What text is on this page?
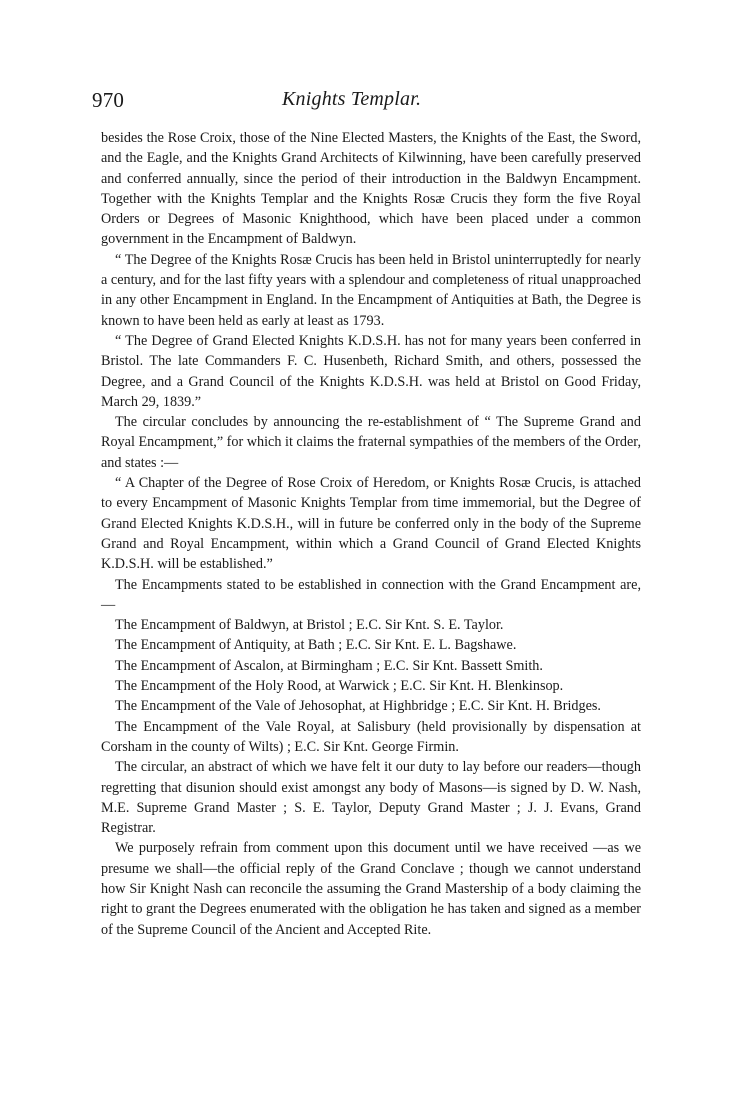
970	Knights Templar.

besides the Rose Croix, those of the Nine Elected Masters, the Knights of the East, the Sword, and the Eagle, and the Knights Grand Architects of Kilwinning, have been carefully preserved and conferred annually, since the period of their introduction in the Baldwyn Encampment. Together with the Knights Templar and the Knights Rosæ Crucis they form the five Royal Orders or Degrees of Masonic Knighthood, which have been placed under a common government in the Encampment of Baldwyn.

“ The Degree of the Knights Rosæ Crucis has been held in Bristol uninterruptedly for nearly a century, and for the last fifty years with a splendour and completeness of ritual unapproached in any other Encampment in England. In the Encampment of Antiquities at Bath, the Degree is known to have been held as early at least as 1793.

“ The Degree of Grand Elected Knights K.D.S.H. has not for many years been conferred in Bristol. The late Commanders F. C. Husenbeth, Richard Smith, and others, possessed the Degree, and a Grand Council of the Knights K.D.S.H. was held at Bristol on Good Friday, March 29, 1839.”

The circular concludes by announcing the re-establishment of “ The Supreme Grand and Royal Encampment,” for which it claims the fraternal sympathies of the members of the Order, and states :—

“ A Chapter of the Degree of Rose Croix of Heredom, or Knights Rosæ Crucis, is attached to every Encampment of Masonic Knights Templar from time immemorial, but the Degree of Grand Elected Knights K.D.S.H., will in future be conferred only in the body of the Supreme Grand and Royal Encampment, within which a Grand Council of Grand Elected Knights K.D.S.H. will be established.”

The Encampments stated to be established in connection with the Grand Encampment are,—

The Encampment of Baldwyn, at Bristol ; E.C. Sir Knt. S. E. Taylor.

The Encampment of Antiquity, at Bath ; E.C. Sir Knt. E. L. Bagshawe.

The Encampment of Ascalon, at Birmingham ; E.C. Sir Knt. Bassett Smith.

The Encampment of the Holy Rood, at Warwick ; E.C. Sir Knt. H. Blenkinsop.

The Encampment of the Vale of Jehosophat, at Highbridge ; E.C. Sir Knt. H. Bridges.

The Encampment of the Vale Royal, at Salisbury (held provisionally by dispensation at Corsham in the county of Wilts) ; E.C. Sir Knt. George Firmin.

The circular, an abstract of which we have felt it our duty to lay before our readers—though regretting that disunion should exist amongst any body of Masons—is signed by D. W. Nash, M.E. Supreme Grand Master ; S. E. Taylor, Deputy Grand Master ; J. J. Evans, Grand Registrar.

We purposely refrain from comment upon this document until we have received —as we presume we shall—the official reply of the Grand Conclave ; though we cannot understand how Sir Knight Nash can reconcile the assuming the Grand Mastership of a body claiming the right to grant the Degrees enumerated with the obligation he has taken and signed as a member of the Supreme Council of the Ancient and Accepted Rite.
